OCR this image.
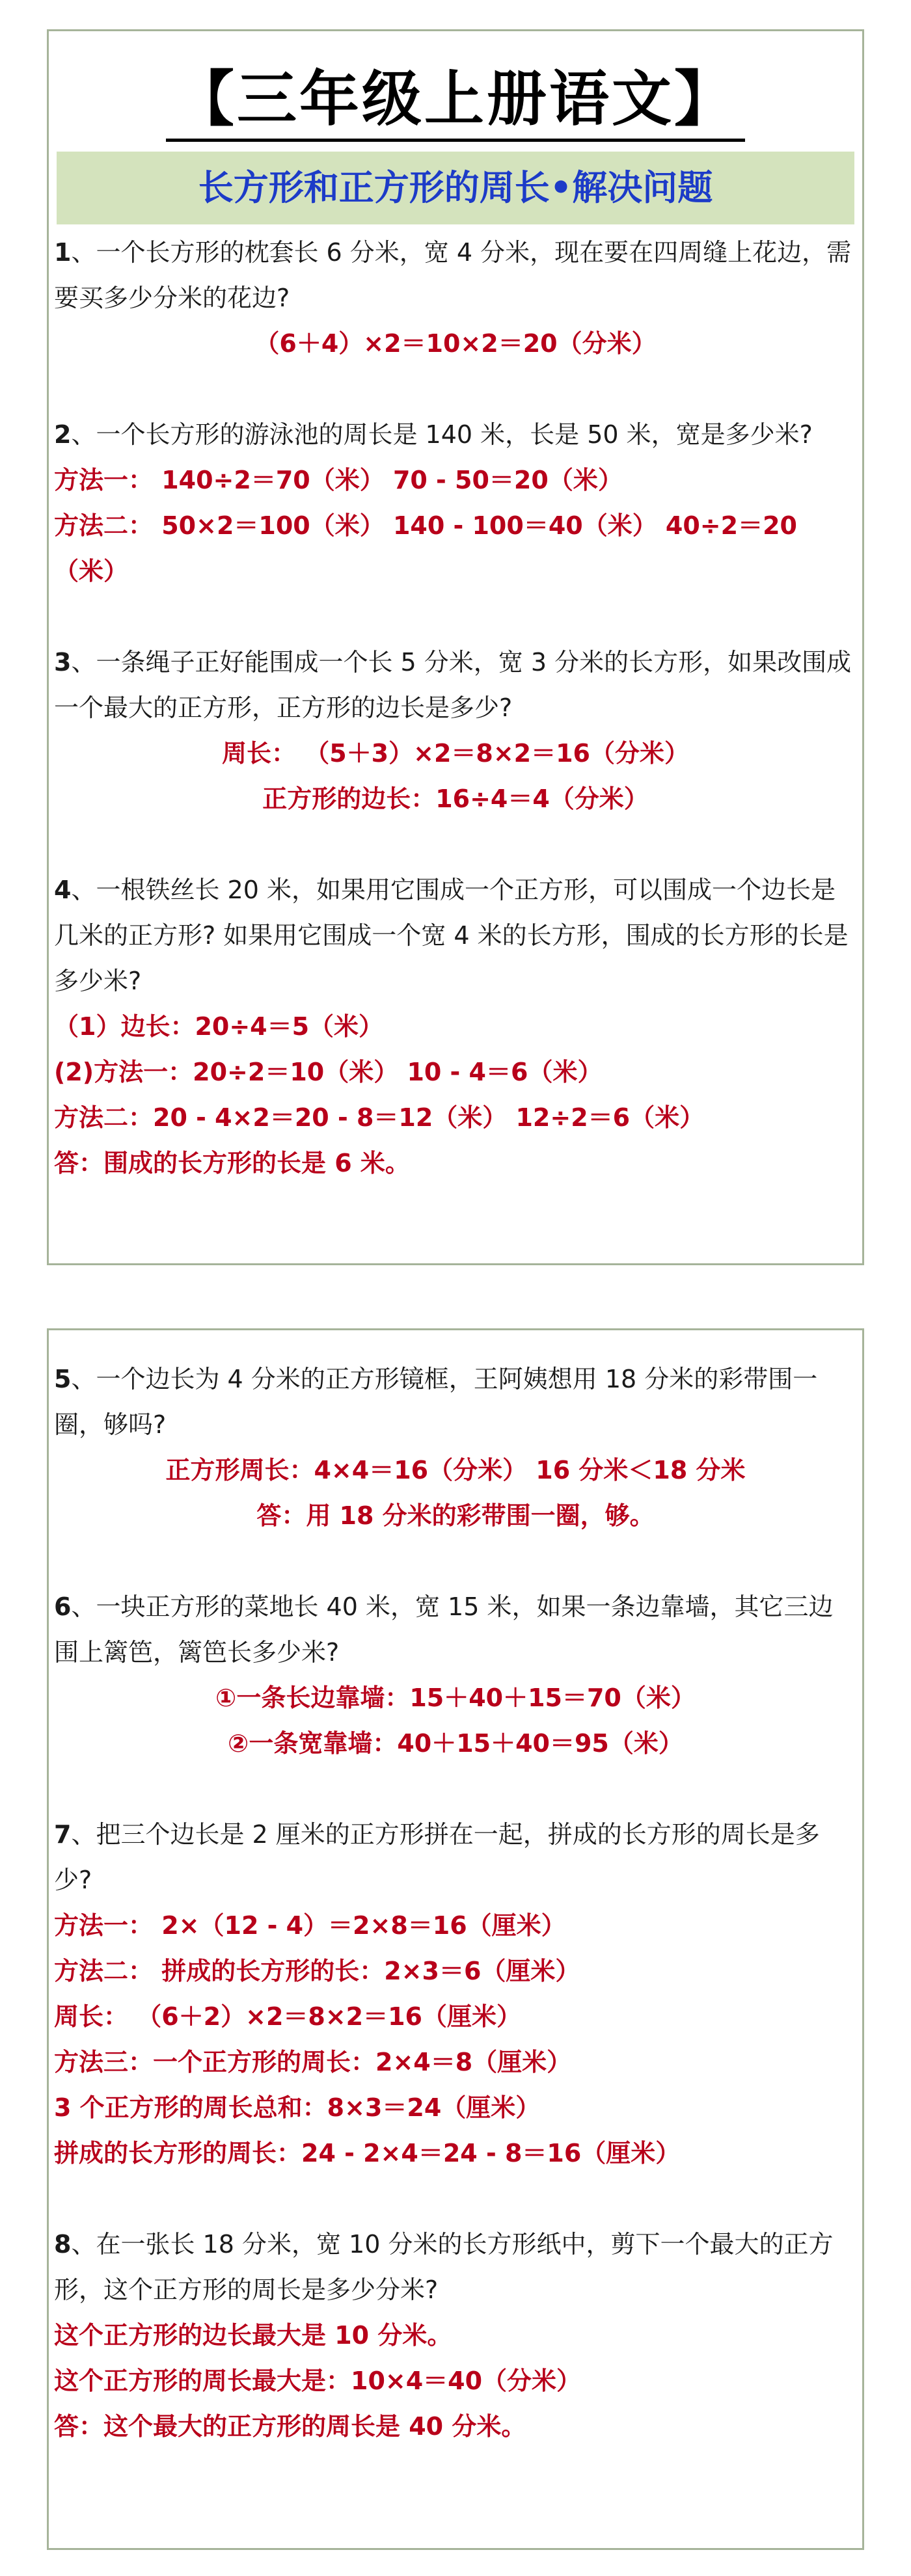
【三年级上册语文】
长方形和正方形的周长•解决问题
1、一个长方形的枕套长 6 分米，宽 4 分米，现在要在四周缝上花边，需要买多少分米的花边?
（6＋4）×2＝10×2＝20（分米）
2、一个长方形的游泳池的周长是 140 米，长是 50 米，宽是多少米?
方法一： 140÷2＝70（米） 70 - 50＝20（米）
方法二： 50×2＝100（米） 140 - 100＝40（米） 40÷2＝20（米）
3、一条绳子正好能围成一个长 5 分米，宽 3 分米的长方形，如果改围成一个最大的正方形，正方形的边长是多少?
周长： （5＋3）×2＝8×2＝16（分米）
正方形的边长：16÷4＝4（分米）
4、一根铁丝长 20 米，如果用它围成一个正方形，可以围成一个边长是几米的正方形? 如果用它围成一个宽 4 米的长方形，围成的长方形的长是多少米?
（1）边长：20÷4＝5（米）
(2)方法一：20÷2＝10（米） 10 - 4＝6（米）
方法二：20 - 4×2＝20 - 8＝12（米） 12÷2＝6（米）
答：围成的长方形的长是 6 米。
5、一个边长为 4 分米的正方形镜框，王阿姨想用 18 分米的彩带围一圈，够吗?
正方形周长：4×4＝16（分米） 16 分米＜18 分米
答：用 18 分米的彩带围一圈，够。
6、一块正方形的菜地长 40 米，宽 15 米，如果一条边靠墙，其它三边围上篱笆，篱笆长多少米?
①一条长边靠墙：15＋40＋15＝70（米）
②一条宽靠墙：40＋15＋40＝95（米）
7、把三个边长是 2 厘米的正方形拼在一起，拼成的长方形的周长是多少?
方法一： 2×（12 - 4）＝2×8＝16（厘米）
方法二： 拼成的长方形的长：2×3＝6（厘米）
周长： （6＋2）×2＝8×2＝16（厘米）
方法三：一个正方形的周长：2×4＝8（厘米）
3 个正方形的周长总和：8×3＝24（厘米）
拼成的长方形的周长：24 - 2×4＝24 - 8＝16（厘米）
8、在一张长 18 分米，宽 10 分米的长方形纸中，剪下一个最大的正方形，这个正方形的周长是多少分米?
这个正方形的边长最大是 10 分米。
这个正方形的周长最大是：10×4＝40（分米）
答：这个最大的正方形的周长是 40 分米。
